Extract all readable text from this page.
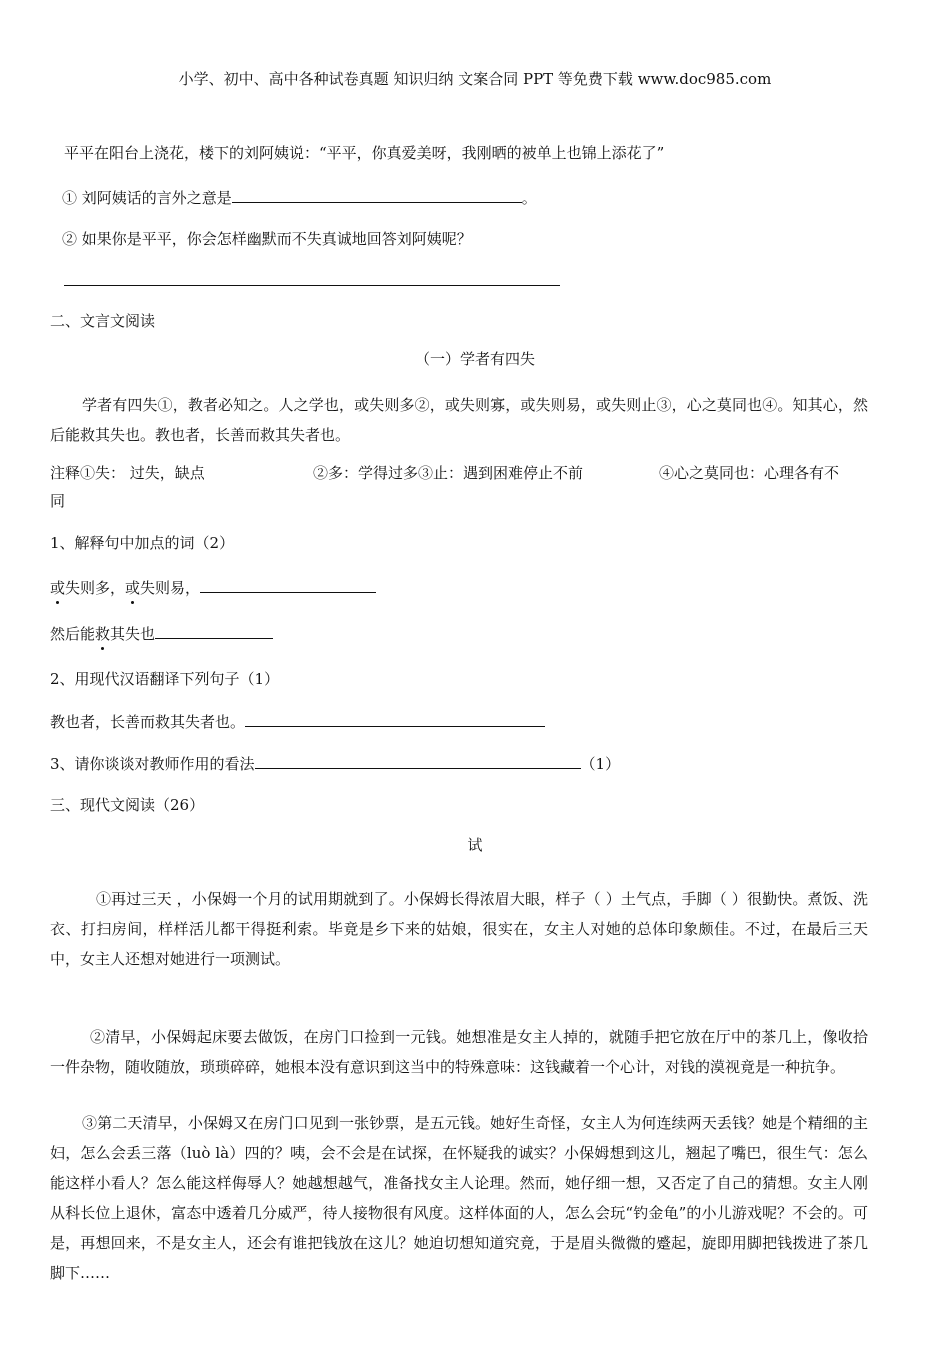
小学、初中、高中各种试卷真题 知识归纳 文案合同 PPT 等免费下载 www.doc985.com
平平在阳台上浇花，楼下的刘阿姨说：“平平，你真爱美呀，我刚晒的被单上也锦上添花了”
① 刘阿姨话的言外之意是	。
② 如果你是平平，你会怎样幽默而不失真诚地回答刘阿姨呢？
二、文言文阅读
（一）学者有四失
学者有四失①，教者必知之。人之学也，或失则多②，或失则寡，或失则易，或失则止③，心之莫同也④。知其心，然后能救其失也。教也者，长善而救其失者也。
注释①失： 过失，缺点	②多：学得过多③止：遇到困难停止不前	④心之莫同也：心理各有不
同
1、解释句中加点的词（2）
或失则多，或失则易，
然后能救其失也
2、用现代汉语翻译下列句子（1）
教也者，长善而救其失者也。
3、请你谈谈对教师作用的看法	（1）
三、现代文阅读（26）
试
①再过三天 ，小保姆一个月的试用期就到了。小保姆长得浓眉大眼，样子（ ）土气点，手脚（ ）很勤快。煮饭、洗衣、打扫房间，样样活儿都干得挺利索。毕竟是乡下来的姑娘，很实在，女主人对她的总体印象颇佳。不过，在最后三天中，女主人还想对她进行一项测试。
②清早，小保姆起床要去做饭，在房门口捡到一元钱。她想准是女主人掉的，就随手把它放在厅中的茶几上，像收拾一件杂物，随收随放，琐琐碎碎，她根本没有意识到这当中的特殊意味：这钱藏着一个心计，对钱的漠视竟是一种抗争。
③第二天清早，小保姆又在房门口见到一张钞票，是五元钱。她好生奇怪，女主人为何连续两天丢钱？她是个精细的主妇，怎么会丢三落（luò là）四的？咦，会不会是在试探，在怀疑我的诚实？小保姆想到这儿，翘起了嘴巴，很生气：怎么能这样小看人？怎么能这样侮辱人？她越想越气，准备找女主人论理。然而，她仔细一想，又否定了自己的猜想。女主人刚从科长位上退休，富态中透着几分威严，待人接物很有风度。这样体面的人，怎么会玩“钓金龟”的小儿游戏呢？不会的。可是，再想回来，不是女主人，还会有谁把钱放在这儿？她迫切想知道究竟，于是眉头微微的蹙起，旋即用脚把钱拨进了茶几脚下……
